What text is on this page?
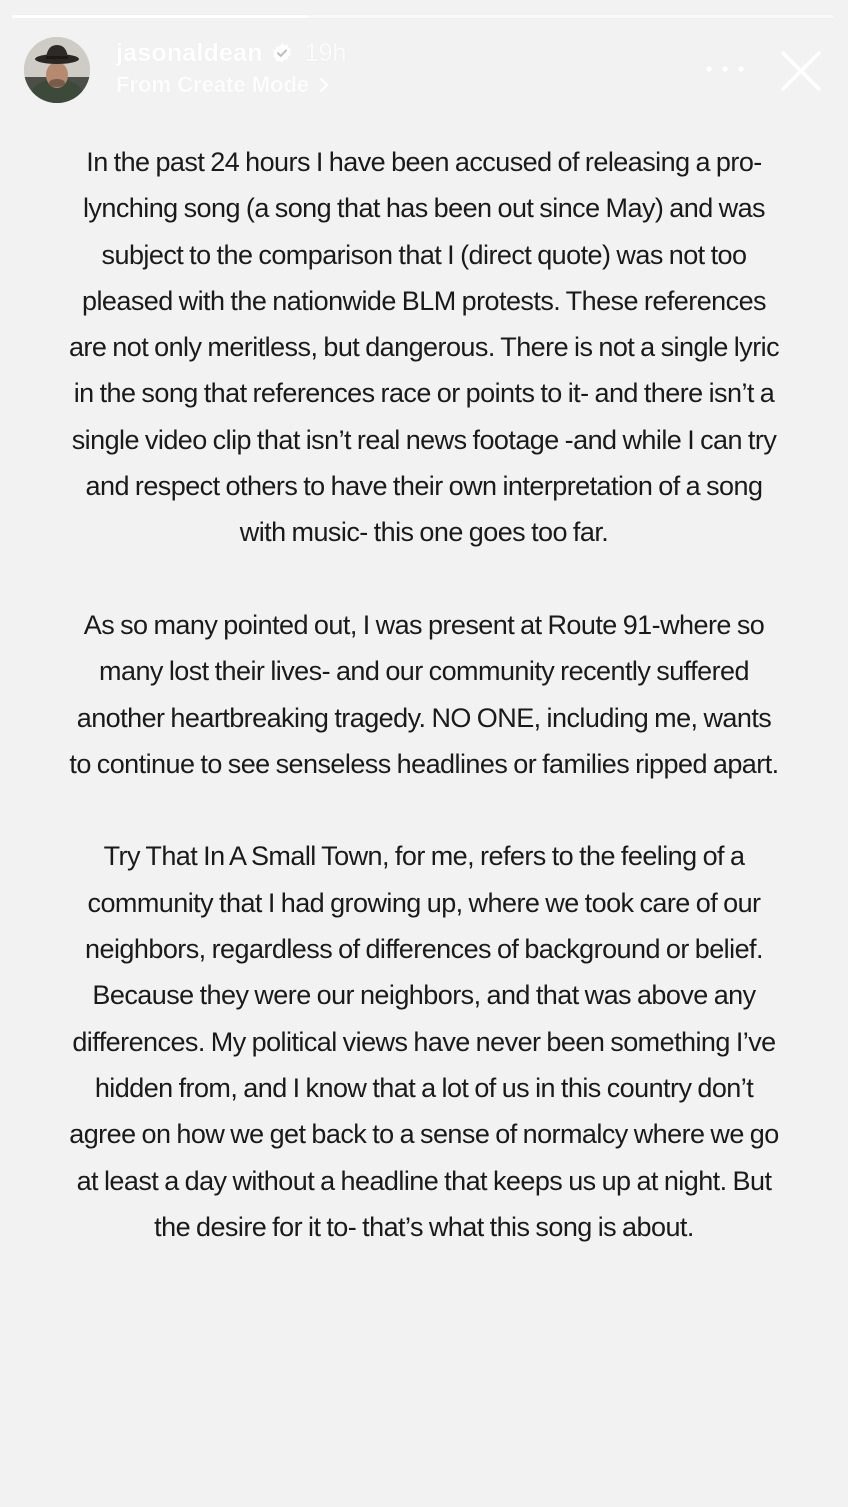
jasonaldean 19h
From Create Mode

In the past 24 hours I have been accused of releasing a pro-lynching song (a song that has been out since May) and was subject to the comparison that I (direct quote) was not too pleased with the nationwide BLM protests. These references are not only meritless, but dangerous. There is not a single lyric in the song that references race or points to it- and there isn’t a single video clip that isn’t real news footage -and while I can try and respect others to have their own interpretation of a song with music- this one goes too far.

As so many pointed out, I was present at Route 91-where so many lost their lives- and our community recently suffered another heartbreaking tragedy. NO ONE, including me, wants to continue to see senseless headlines or families ripped apart.

Try That In A Small Town, for me, refers to the feeling of a community that I had growing up, where we took care of our neighbors, regardless of differences of background or belief. Because they were our neighbors, and that was above any differences. My political views have never been something I’ve hidden from, and I know that a lot of us in this country don’t agree on how we get back to a sense of normalcy where we go at least a day without a headline that keeps us up at night. But the desire for it to- that’s what this song is about.
